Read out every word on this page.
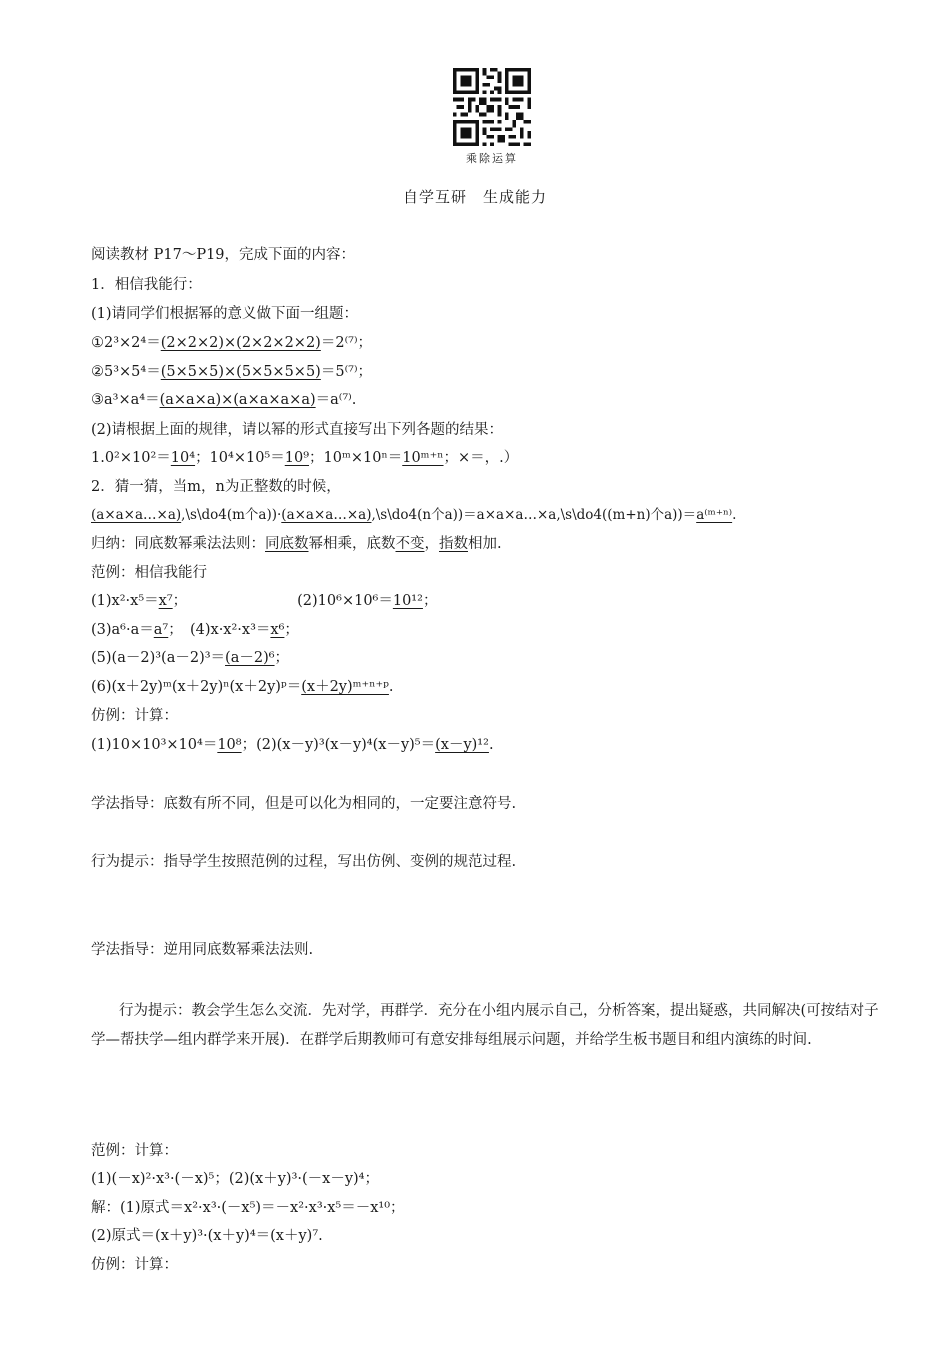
乘除运算
自学互研　生成能力
阅读教材 P17～P19，完成下面的内容：
1．相信我能行：
(1)请同学们根据幂的意义做下面一组题：
①2³×2⁴＝(2×2×2)×(2×2×2×2)＝2⁽⁷⁾；
②5³×5⁴＝(5×5×5)×(5×5×5×5)＝5⁽⁷⁾；
③a³×a⁴＝(a×a×a)×(a×a×a×a)＝a⁽⁷⁾.
(2)请根据上面的规律，请以幂的形式直接写出下列各题的结果：
1.0²×10²＝10⁴；10⁴×10⁵＝10⁹；10ᵐ×10ⁿ＝10ᵐ⁺ⁿ；×＝，.）
2．猜一猜，当m，n为正整数的时候，
(a×a×a…×a),\s\do4(m个a))·(a×a×a…×a),\s\do4(n个a))＝a×a×a…×a,\s\do4((m+n)个a))＝a⁽ᵐ⁺ⁿ⁾.
归纳：同底数幂乘法法则：同底数幂相乘，底数不变，指数相加.
范例：相信我能行
(1)x²·x⁵＝x⁷；	(2)10⁶×10⁶＝10¹²；
(3)a⁶·a＝a⁷；　(4)x·x²·x³＝x⁶；
(5)(a－2)³(a－2)³＝(a－2)⁶；
(6)(x＋2y)ᵐ(x＋2y)ⁿ(x＋2y)ᵖ＝(x＋2y)ᵐ⁺ⁿ⁺ᵖ.
仿例：计算：
(1)10×10³×10⁴＝10⁸；(2)(x－y)³(x－y)⁴(x－y)⁵＝(x－y)¹².
学法指导：底数有所不同，但是可以化为相同的，一定要注意符号.
行为提示：指导学生按照范例的过程，写出仿例、变例的规范过程.
学法指导：逆用同底数幂乘法法则.
行为提示：教会学生怎么交流．先对学，再群学．充分在小组内展示自己，分析答案，提出疑惑，共同解决(可按结对子学—帮扶学—组内群学来开展)．在群学后期教师可有意安排每组展示问题，并给学生板书题目和组内演练的时间.
范例：计算：
(1)(－x)²·x³·(－x)⁵；(2)(x＋y)³·(－x－y)⁴；
解：(1)原式＝x²·x³·(－x⁵)＝－x²·x³·x⁵＝－x¹⁰；
(2)原式＝(x＋y)³·(x＋y)⁴＝(x＋y)⁷.
仿例：计算：
